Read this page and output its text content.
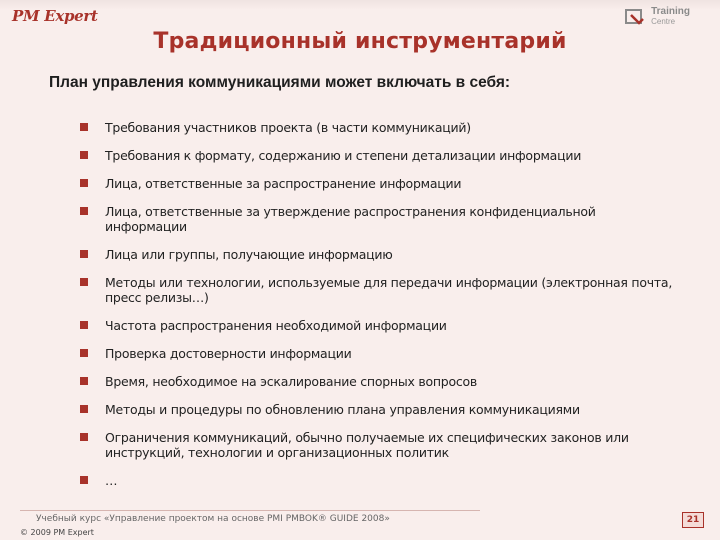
PM Expert	Training
Centre
Традиционный инструментарий
План управления коммуникациями может включать в себя:
Требования участников проекта (в части коммуникаций)
Требования к формату, содержанию и степени детализации информации
Лица, ответственные за распространение информации
Лица, ответственные за утверждение распространения конфиденциальной информации
Лица или группы, получающие информацию
Методы или технологии, используемые для передачи информации (электронная почта, пресс релизы…)
Частота распространения необходимой информации
Проверка достоверности информации
Время, необходимое на эскалирование спорных вопросов
Методы и процедуры по обновлению плана управления коммуникациями
Ограничения коммуникаций, обычно получаемые их специфических законов или инструкций, технологии и организационных политик
…
Учебный курс «Управление проектом на основе PMI PMBOK® GUIDE 2008»
© 2009 PM Expert
21
